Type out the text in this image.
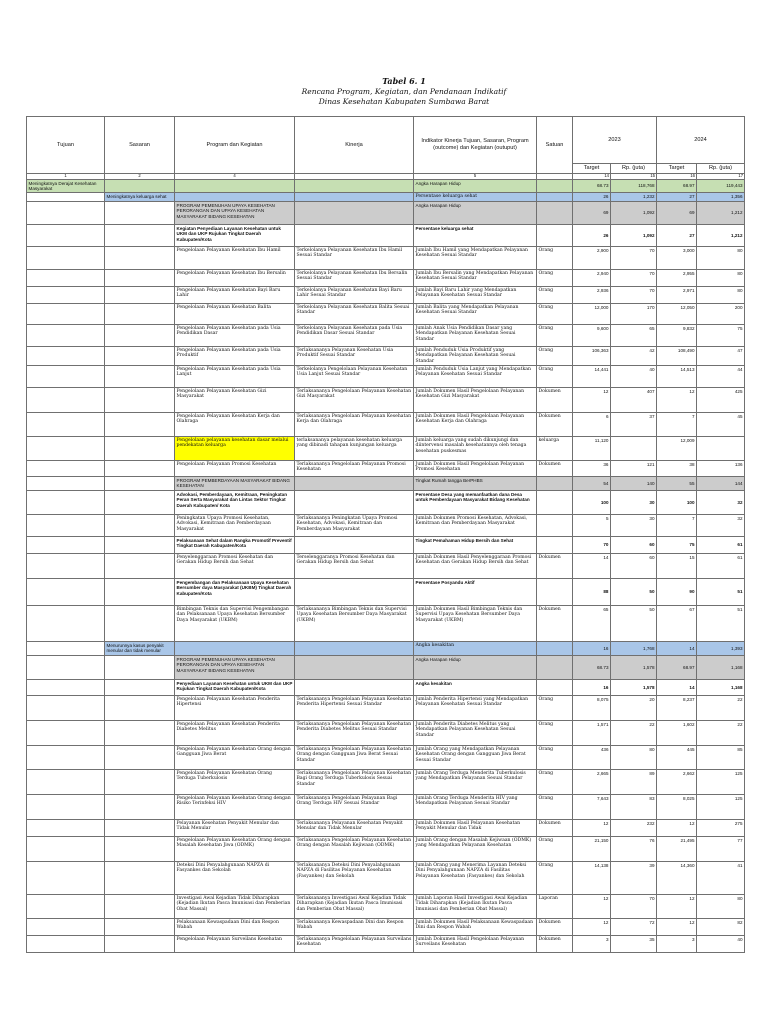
Tabel 6. 1
Rencana Program, Kegiatan, dan Pendanaan Indikatif
Dinas Kesehatan Kabupaten Sumbawa Barat
Tujuan	Sasaran	Program dan Kegiatan	Kinerja	Indikator Kinerja Tujuan, Sasaran, Program (outcome) dan Kegiatan (outuput)	Satuan	2023		2024	
						Target	Rp. (juta)	Target	Rp. (juta)
1	2	4		5		14	15	16	17
Meningkatnya Derajat Kesehatan Masyarakat				Angka Harapan Hidup		68.73	118,768	68.97	119,443
	Meningkatnya keluarga sehat			Persentase keluarga sehat		26	1,232	27	1,356
		PROGRAM PEMENUHAN UPAYA KESEHATAN PERORANGAN DAN UPAYA KESEHATAN MASYARAKAT BIDANG KESEHATAN		Angka Harapan Hidup		69	1,092	69	1,212
		Kegiatan Penyediaan Layanan Kesehatan untuk UKM dan UKP Rujukan Tingkat Daerah Kabupaten/Kota		Persentase keluarga sehat		26	1,092	27	1,212
		Pengelolaan Pelayanan Kesehatan Ibu Hamil	Terkelolanya Pelayanan Kesehatan Ibu Hamil Sesuai Standar	Jumlah Ibu Hamil yang Mendapatkan Pelayanan Kesehatan Sesuai Standar	Orang	2,900	70	3,000	80
		Pengelolaan Pelayanan Kesehatan Ibu Bersalin	Terkelolanya Pelayanan Kesehatan Ibu Bersalin Sesuai Standar	Jumlah Ibu Bersalin yang Mendapatkan Pelayanan Kesehatan Sesuai Standar	Orang	2,940	70	2,955	80
		Pengelolaan Pelayanan Kesehatan Bayi Baru Lahir	Terkelolanya Pelayanan Kesehatan Bayi Baru Lahir Sesuai Standar	Jumlah Bayi Baru Lahir yang Mendapatkan Pelayanan Kesehatan Sesuai Standar	Orang	2,936	70	2,971	80
		Pengelolaan Pelayanan Kesehatan Balita	Terkelolanya Pelayanan Kesehatan Balita Sesuai Standar	Jumlah Balita yang Mendapatkan Pelayanan Kesehatan Sesuai Standar	Orang	12,000	170	12,050	200
		Pengelolaan Pelayanan Kesehatan pada Usia Pendidikan Dasar	Terkelolanya Pelayanan Kesehatan pada Usia Pendidikan Dasar Sesuai Standar	Jumlah Anak Usia Pendidikan Dasar yang Mendapatkan Pelayanan Kesehatan Sesuai Standar	Orang	9,600	65	9,832	75
		Pengelolaan Pelayanan Kesehatan pada Usia Produktif	Terlaksananya Pelayanan Kesehatan Usia Produktif Sesuai Standar	Jumlah Penduduk Usia Produktif yang Mendapatkan Pelayanan Kesehatan Sesuai Standar	Orang	106,363	42	108,490	47
		Pengelolaan Pelayanan Kesehatan pada Usia Lanjut	Terkelolanya Pengelolaan Pelayanan Kesehatan Usia Lanjut Sesuai Standar	Jumlah Penduduk Usia Lanjut yang Mendapatkan Pelayanan Kesehatan Sesuai Standar	Orang	14,441	40	14,513	44
		Pengelolaan Pelayanan Kesehatan Gizi Masyarakat	Terlaksananya Pengelolaan Pelayanan Kesehatan Gizi Masyarakat	Jumlah Dokumen Hasil Pengelolaan Pelayanan Kesehatan Gizi Masyarakat	Dokumen	12	407	12	425
		Pengelolaan Pelayanan Kesehatan Kerja dan Olahraga	Terlaksananya Pengelolaan Pelayanan Kesehatan Kerja dan Olahraga	Jumlah Dokumen Hasil Pengelolaan Pelayanan Kesehatan Kerja dan Olahraga	Dokumen	6	37	7	45
		Pengelolaan pelayanan kesehatan dasar melalui pendekatan keluarga	terlaksananya pelayanan kesehatan keluarga yang dibinadi tahapan kunjungan keluarga	Jumlah keluarga yang sudah dikunjungi dan diintervensi masalah kesehatannya oleh tenaga kesehatan puskesmas	keluarga	11,120		12,009	
		Pengelolaan Pelayanan Promosi Kesehatan	Terlaksananya Pengelolaan Pelayanan Promosi Kesehatan	Jumlah Dokumen Hasil Pengelolaan Pelayanan Promosi Kesehatan	Dokumen	36	121	38	136
		PROGRAM PEMBERDAYAAN MASYARAKAT BIDANG KESEHATAN		Tingkat Rumah tangga BerPHBS		54	140	55	144
		Advokasi, Pemberdayaan, Kemitraan, Peningkatan Peran Serta Masyarakat dan Lintas Sektor Tingkat Daerah Kabupaten/ Kota		Persentase Desa yang memanfaatkan dana Desa untuk Pemberdayaan Masyarakat Bidang Kesehatan		100	30	100	32
		Peningkatan Upaya Promosi Kesehatan, Advokasi, Kemitraan dan Pemberdayaan Masyarakat	Terlaksananya Peningkatan Upaya Promosi Kesehatan, Advokasi, Kemitraan dan Pemberdayaan Masyarakat	Jumlah Dokumen Promosi Kesehatan, Advokasi, Kemitraan dan Pemberdayaan Masyarakat		5	30	7	32
		Pelaksanaan Sehat dalam Rangka Promotif Preventif Tingkat Daerah Kabupaten/Kota		Tingkat Pemahaman Hidup Bersih dan Sehat		70	60	75	61
		Penyelenggaraan Promosi Kesehatan dan Gerakan Hidup Bersih dan Sehat	Terselenggaranya Promosi Kesehatan dan Gerakan Hidup Bersih dan Sehat	Jumlah Dokumen Hasil Penyelenggaraan Promosi Kesehatan dan Gerakan Hidup Bersih dan Sehat	Dokumen	14	60	15	61
		Pengembangan dan Pelaksanaan Upaya Kesehatan Bersumber daya Masyarakat (UKBM) Tingkat Daerah Kabupaten/Kota		Persentase Posyandu Aktif		88	50	90	51
		Bimbingan Teknis dan Supervisi Pengembangan dan Pelaksanaan Upaya Kesehatan Bersumber Daya Masyarakat (UKBM)	Terlaksananya Bimbingan Teknis dan Supervisi Upaya Kesehatan Bersumber Daya Masyarakat (UKBM)	Jumlah Dokumen Hasil Bimbingan Teknis dan Supervisi Upaya Kesehatan Bersumber Daya Masyarakat (UKBM)	Dokumen	65	50	67	51
	Menurunnya kasus penyakit menular dan tidak menular			Angka kesakitan		16	1,768	14	1,393
		PROGRAM PEMENUHAN UPAYA KESEHATAN PERORANGAN DAN UPAYA KESEHATAN MASYARAKAT BIDANG KESEHATAN		Angka Harapan Hidup		68.73	1,578	68.97	1,168
		Penyediaan Layanan Kesehatan untuk UKM dan UKP Rujukan Tingkat Daerah Kabupaten/Kota		Angka kesakitan		16	1,578	14	1,168
		Pengelolaan Pelayanan Kesehatan Penderita Hipertensi	Terlaksananya Pengelolaan Pelayanan Kesehatan Penderita Hipertensi Sesuai Standar	Jumlah Penderita Hipertensi yang Mendapatkan Pelayanan Kesehatan Sesuai Standar	Orang	8,075	20	8,237	22
		Pengelolaan Pelayanan Kesehatan Penderita Diabetes Melitus	Terlaksananya Pengelolaan Pelayanan Kesehatan Penderita Diabetes Melitus Sesuai Standar	Jumlah Penderita Diabetes Melitus yang Mendapatkan Pelayanan Kesehatan Sesuai Standar	Orang	1,571	22	1,602	22
		Pengelolaan Pelayanan Kesehatan Orang dengan Gangguan Jiwa Berat	Terlaksananya Pengelolaan Pelayanan Kesehatan Orang dengan Gangguan Jiwa Berat Sesuai Standar	Jumlah Orang yang Mendapatkan Pelayanan Kesehatan Orang dengan Gangguan Jiwa Berat Sesuai Standar	Orang	436	80	445	85
		Pengelolaan Pelayanan Kesehatan Orang Terduga Tuberkulosis	Terlaksananya Pengelolaan Pelayanan Kesehatan Bagi Orang Terduga Tuberkulosis Sesuai Standar	Jumlah Orang Terduga Menderita Tuberkulosis yang Mendapatkan Pelayanan Sesuai Standar	Orang	2,665	89	2,662	125
		Pengelolaan Pelayanan Kesehatan Orang dengan Risiko Terinfeksi HIV	Terlaksananya Pengelolaan Pelayanan Bagi Orang Terduga HIV Sesuai Standar	Jumlah Orang Terduga Menderita HIV yang Mendapatkan Pelayanan Sesuai Standar	Orang	7,643	83	8,025	125
		Pelayanan Kesehatan Penyakit Menular dan Tidak Menular	Terlaksananya Pelayanan Kesehatan Penyakit Menular dan Tidak Menular	Jumlah Dokumen Hasil Pelayanan Kesehatan Penyakit Menular dan Tidak	Dokumen	12	232	12	275
		Pengelolaan Pelayanan Kesehatan Orang dengan Masalah Kesehatan Jiwa (ODMK)	Terlaksananya Pengelolaan Pelayanan Kesehatan Orang dengan Masalah Kejiwaan (ODMK)	Jumlah Orang dengan Masalah Kejiwaan (ODMK) yang Mendapatkan Pelayanan Kesehatan	Orang	21,150	76	21,495	77
		Deteksi Dini Penyalahgunaan NAPZA di Fasyankes dan Sekolah	Terlaksananya Deteksi Dini Penyalahgunaan NAPZA di Fasilitas Pelayanan Kesehatan (Fasyankes) dan Sekolah	Jumlah Orang yang Menerima Layanan Deteksi Dini Penyalahgunaan NAPZA di Fasilitas Pelayanan Kesehatan (Fasyankes) dan Sekolah	Orang	14,138	39	14,360	41
		Investigasi Awal Kejadian Tidak Diharapkan (Kejadian Ikutan Pasca Imunisasi dan Pemberian Obat Massal)	Terlaksananya Investigasi Awal Kejadian Tidak Diharapkan (Kejadian Ikutan Pasca Imunisasi dan Pemberian Obat Massal)	Jumlah Laporan Hasil Investigasi Awal Kejadian Tidak Diharapkan (Kejadian Ikutan Pasca Imunisasi dan Pemberian Obat Massal)	Laporan	12	70	12	80
		Pelaksanaan Kewaspadaan Dini dan Respon Wabah	Terlaksananya Kewaspadaan Dini dan Respon Wabah	Jumlah Dokumen Hasil Pelaksanaan Kewaspadaan Dini dan Respon Wabah	Dokumen	12	72	12	82
		Pengelolaan Pelayanan Surveilans Kesehatan	Terlaksananya Pengelolaan Pelayanan Surveilans Kesehatan	Jumlah Dokumen Hasil Pengelolaan Pelayanan Surveilans Kesehatan	Dokumen	3	35	3	40
